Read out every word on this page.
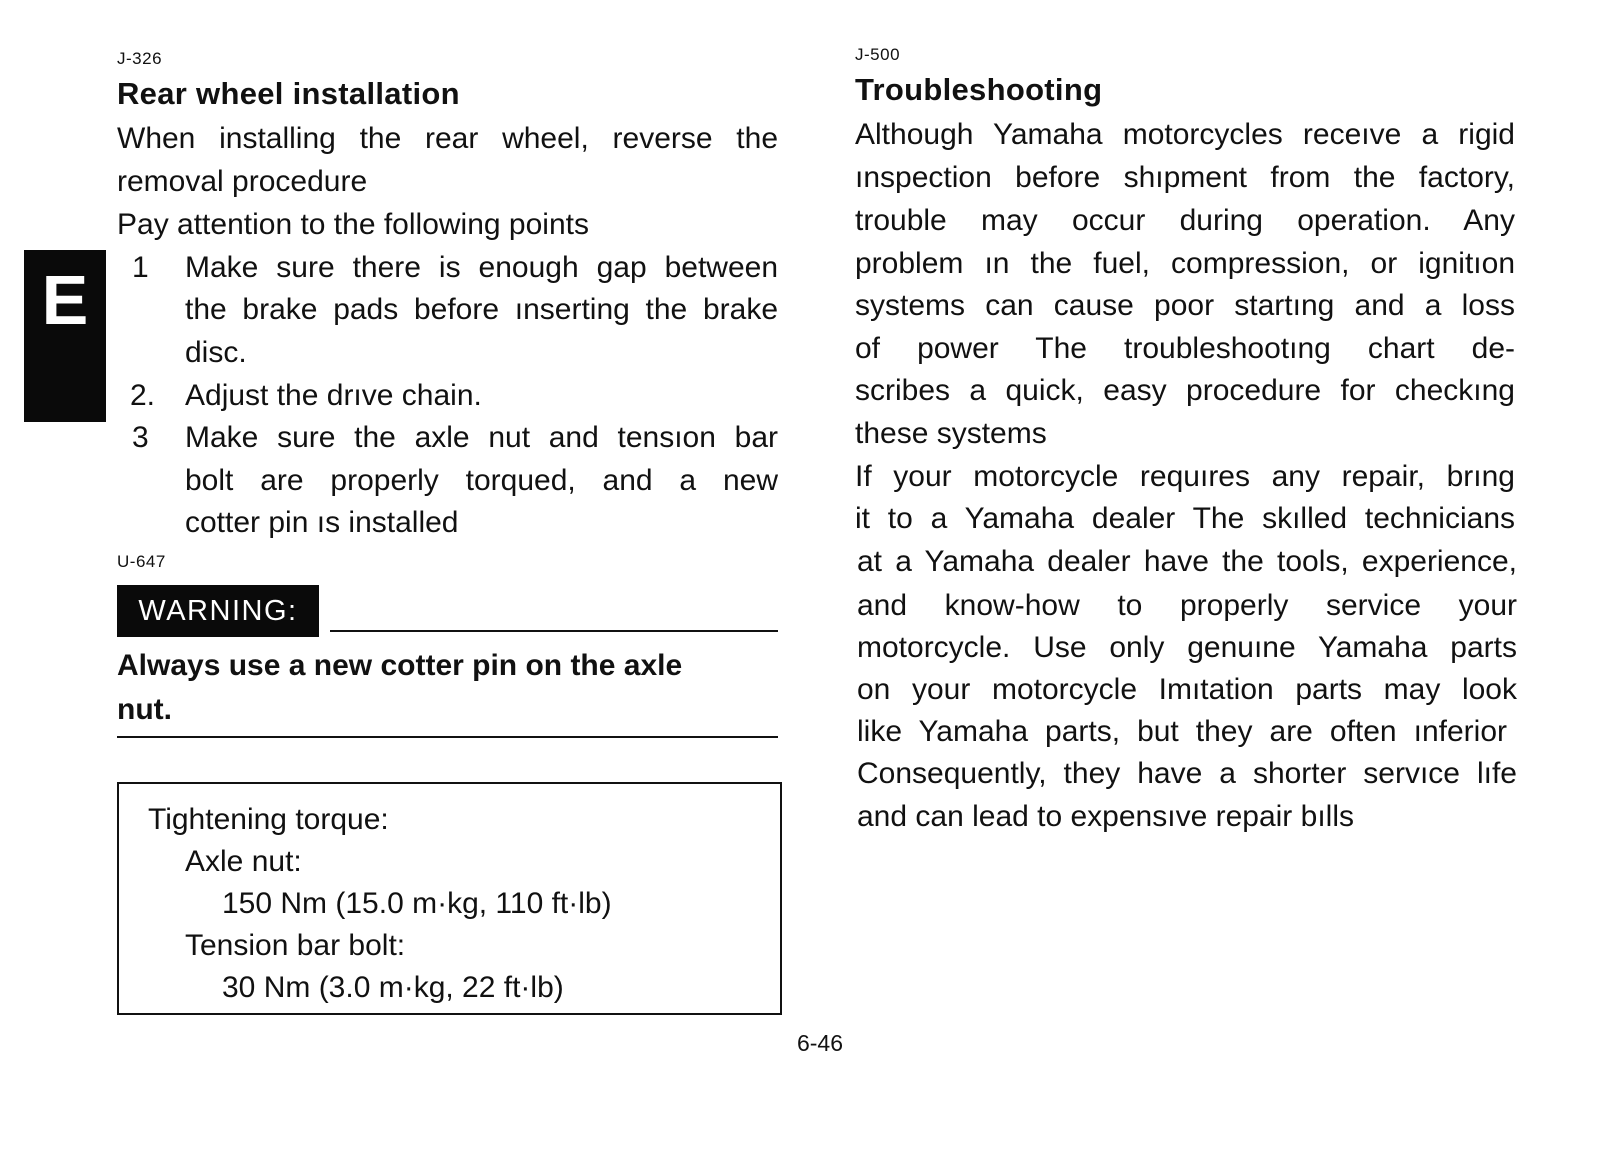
E
J-326
Rear wheel installation
When installing the rear wheel, reverse the
removal procedure
Pay attention to the following points
1 Make sure there is enough gap between
the brake pads before ınserting the brake
disc.
2. Adjust the drıve chain.
3 Make sure the axle nut and tensıon bar
bolt are properly torqued, and a new
cotter pin ıs installed
U-647
WARNING:
Always use a new cotter pin on the axle
nut.
Tightening torque:
Axle nut:
150 Nm (15.0 m·kg, 110 ft·lb)
Tension bar bolt:
30 Nm (3.0 m·kg, 22 ft·lb)
J-500
Troubleshooting
Although Yamaha motorcycles receıve a rigid
ınspection before shıpment from the factory,
trouble may occur during operation. Any
problem ın the fuel, compression, or ignitıon
systems can cause poor startıng and a loss
of power The troubleshootıng chart de-
scribes a quick, easy procedure for checkıng
these systems
If your motorcycle requıres any repair, brıng
it to a Yamaha dealer The skılled technicians
at a Yamaha dealer have the tools, experience,
and know-how to properly service your
motorcycle. Use only genuıne Yamaha parts
on your motorcycle Imıtation parts may look
like Yamaha parts, but they are often ınferior
Consequently, they have a shorter servıce lıfe
and can lead to expensıve repair bılls
6-46
